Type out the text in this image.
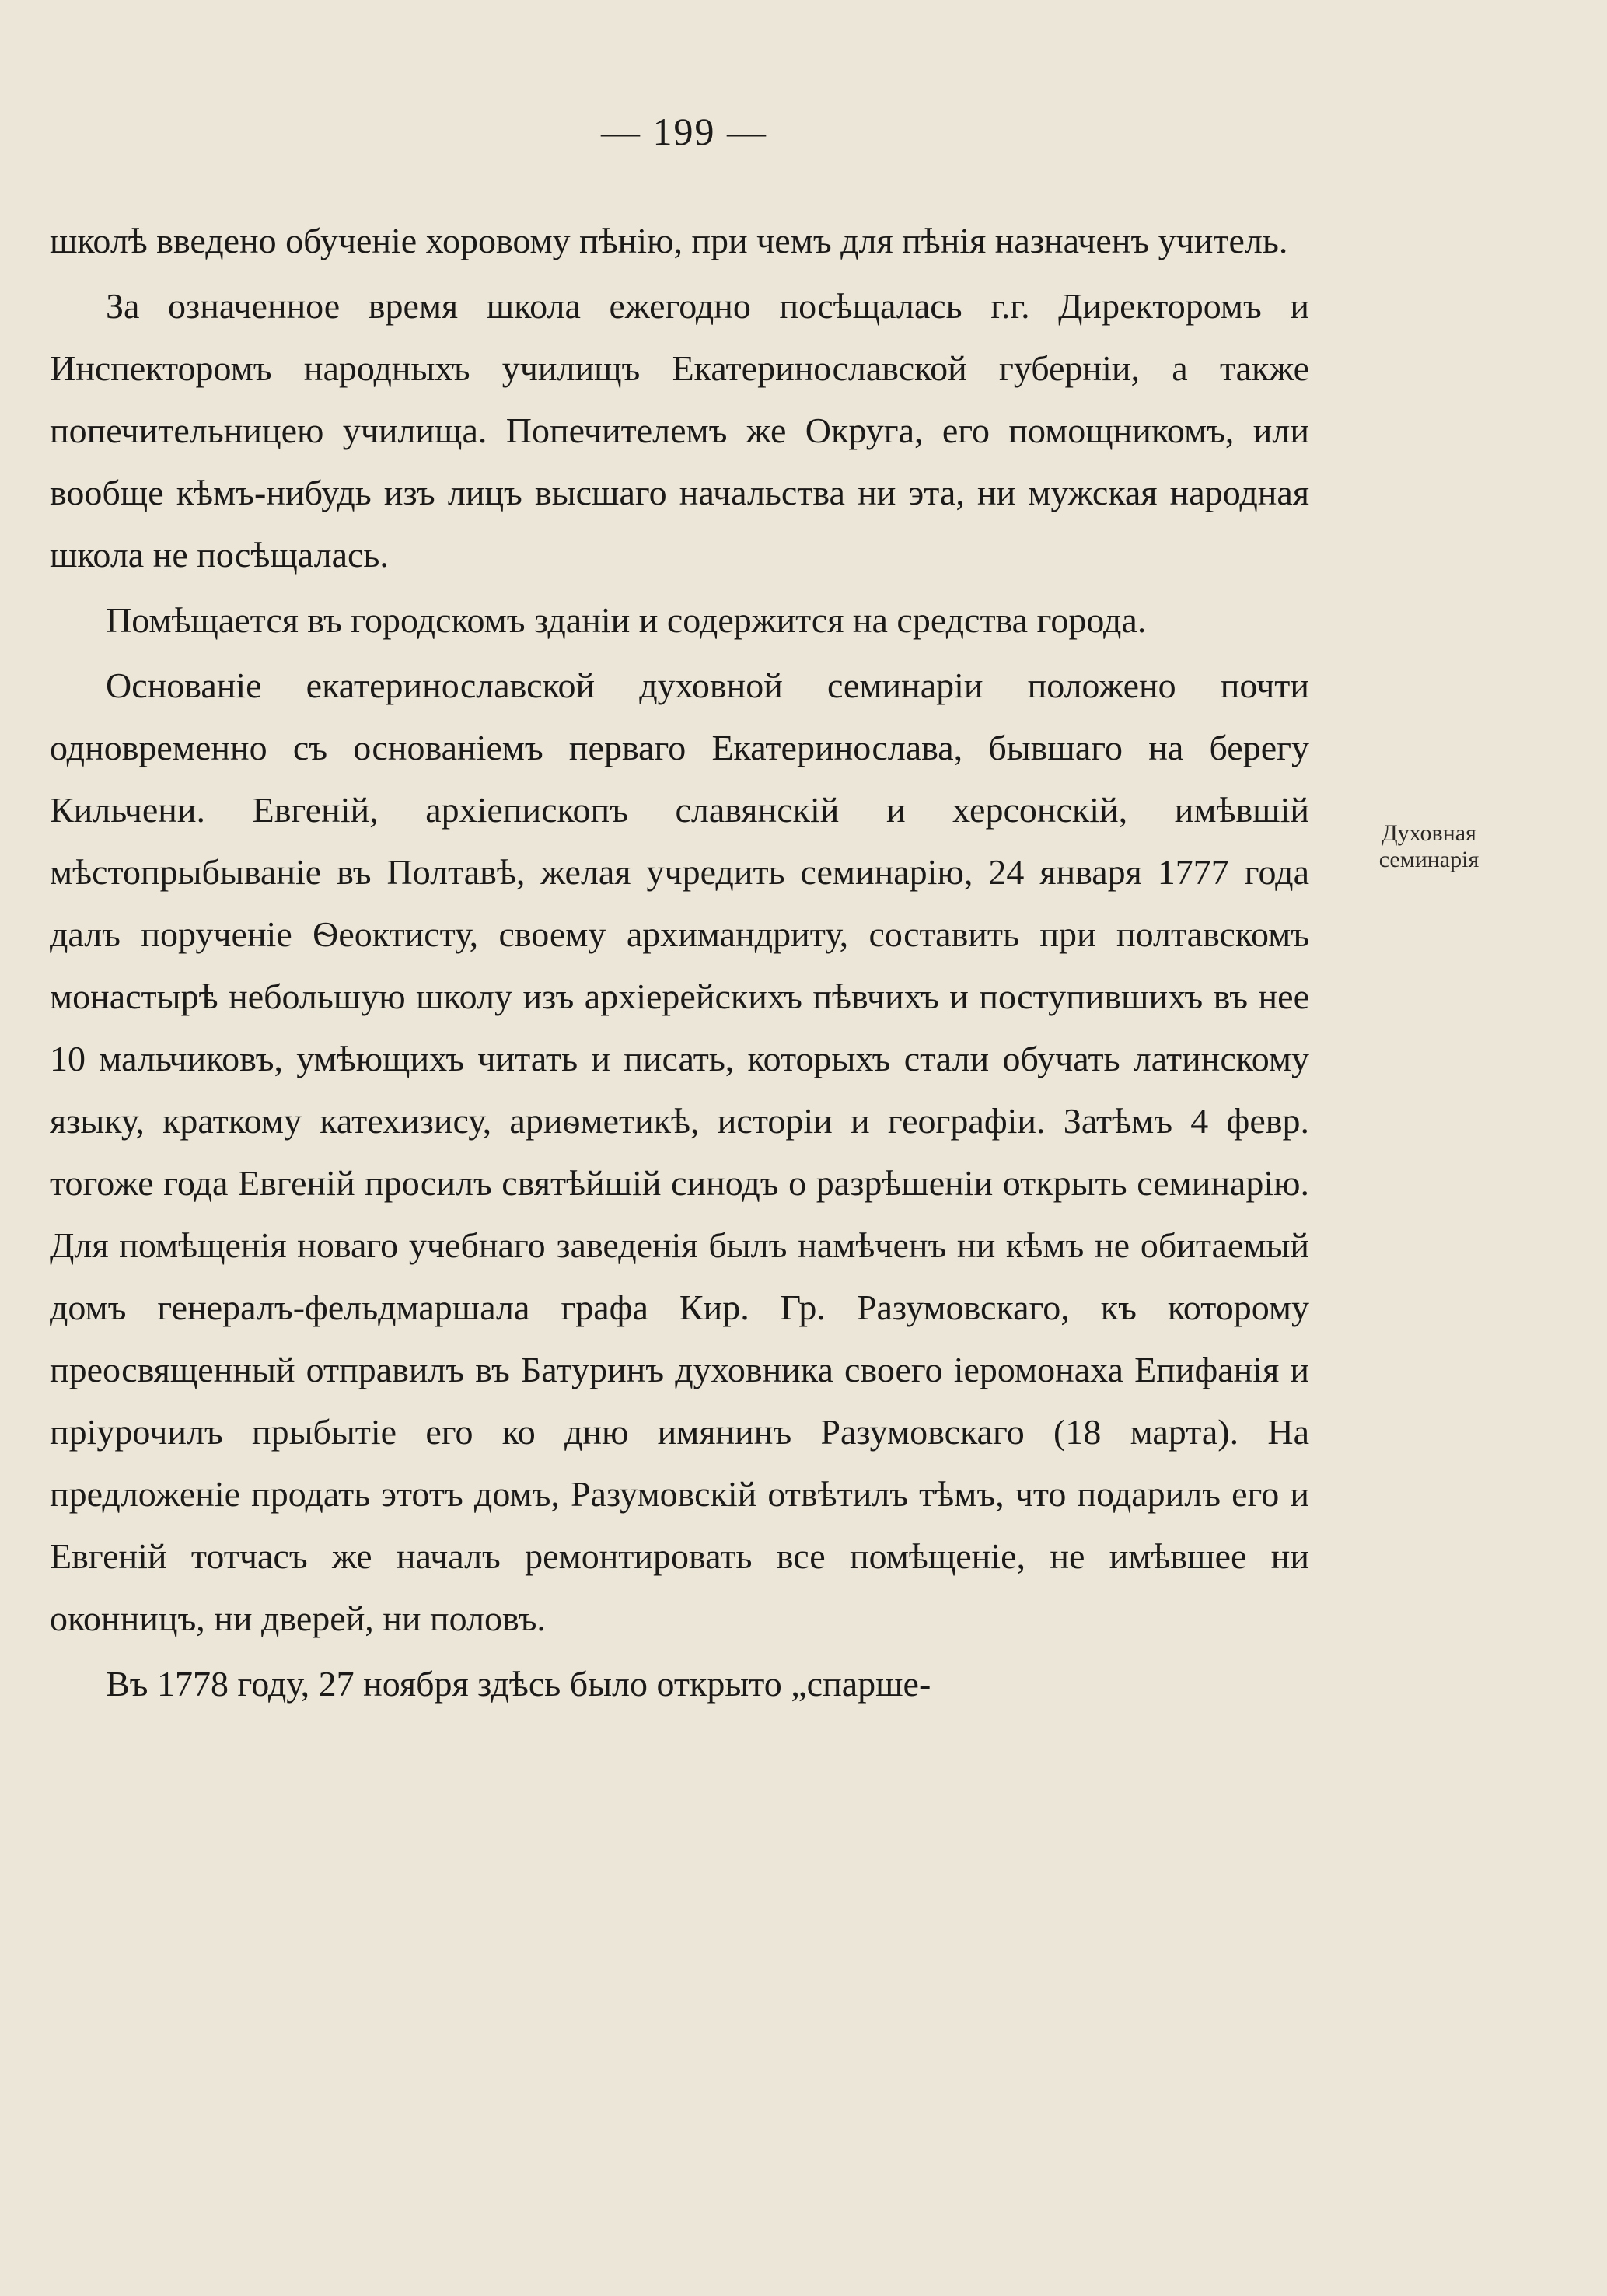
— 199 —

школѣ введено обученіе хоровому пѣнію, при чемъ для пѣнія назначенъ учитель.

За означенное время школа ежегодно посѣщалась г.г. Директоромъ и Инспекторомъ народныхъ училищъ Екатеринославской губерніи, а также попечительницею училища. Попечителемъ же Округа, его помощникомъ, или вообще кѣмъ-нибудь изъ лицъ высшаго начальства ни эта, ни мужская народная школа не посѣщалась.

Помѣщается въ городскомъ зданіи и содержится на средства города.

Основаніе екатеринославской духовной семинаріи положено почти одновременно съ основаніемъ перваго Екатеринослава, бывшаго на берегу Кильчени. Евгеній, архіепископъ славянскій и херсонскій, имѣвшій мѣстопрыбываніе въ Полтавѣ, желая учредить семинарію, 24 января 1777 года далъ порученіе Ѳеоктисту, своему архимандриту, составить при полтавскомъ монастырѣ небольшую школу изъ архіерейскихъ пѣвчихъ и поступившихъ въ нее 10 мальчиковъ, умѣющихъ читать и писать, которыхъ стали обучать латинскому языку, краткому катехизису, ариѳметикѣ, исторіи и географіи. Затѣмъ 4 февр. тогоже года Евгеній просилъ святѣйшій синодъ о разрѣшеніи открыть семинарію. Для помѣщенія новаго учебнаго заведенія былъ намѣченъ ни кѣмъ не обитаемый домъ генералъ-фельдмаршала графа Кир. Гр. Разумовскаго, къ которому преосвященный отправилъ въ Батуринъ духовника своего іеромонаха Епифанія и пріурочилъ прыбытіе его ко дню имянинъ Разумовскаго (18 марта). На предложеніе продать этотъ домъ, Разумовскій отвѣтилъ тѣмъ, что подарилъ его и Евгеній тотчасъ же началъ ремонтировать все помѣщеніе, не имѣвшее ни оконницъ, ни дверей, ни половъ.

Въ 1778 году, 27 ноября здѣсь было открыто „спарше-

Духовная
семинарія
